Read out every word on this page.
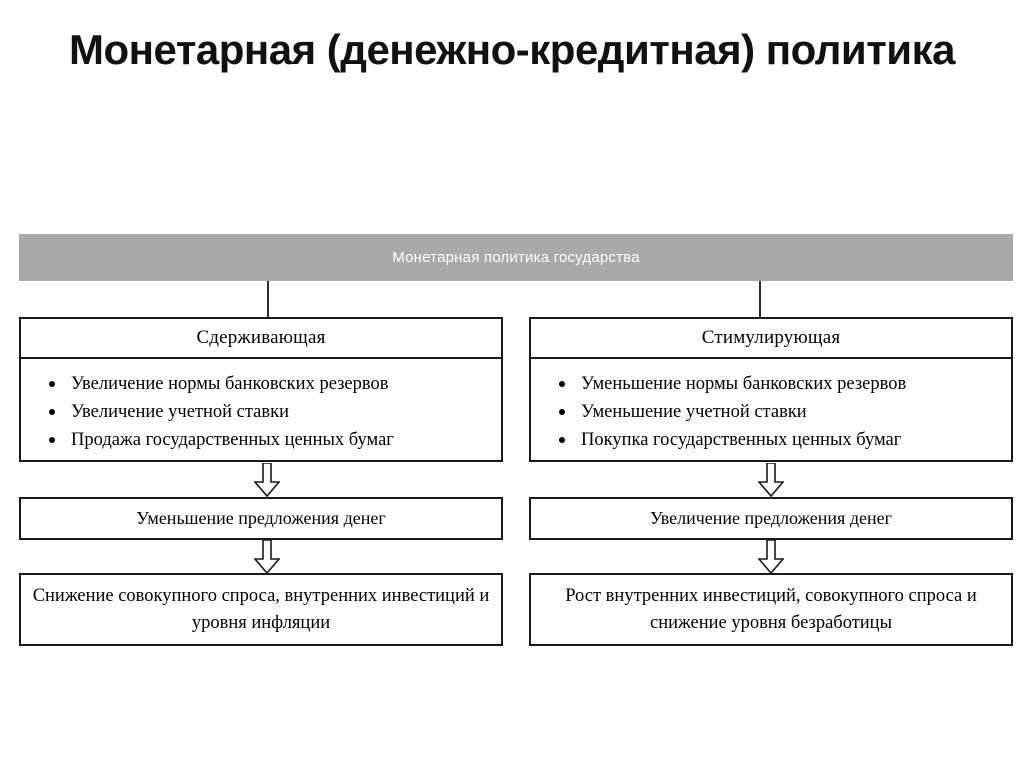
Монетарная (денежно-кредитная) политика
Монетарная политика государства
Сдерживающая
Увеличение нормы банковских резервов
Увеличение учетной ставки
Продажа государственных ценных бумаг
Уменьшение предложения денег
Снижение совокупного спроса, внутренних инвестиций и уровня инфляции
Стимулирующая
Уменьшение нормы банковских резервов
Уменьшение учетной ставки
Покупка государственных ценных бумаг
Увеличение предложения денег
Рост внутренних инвестиций, совокупного спроса и снижение уровня безработицы
